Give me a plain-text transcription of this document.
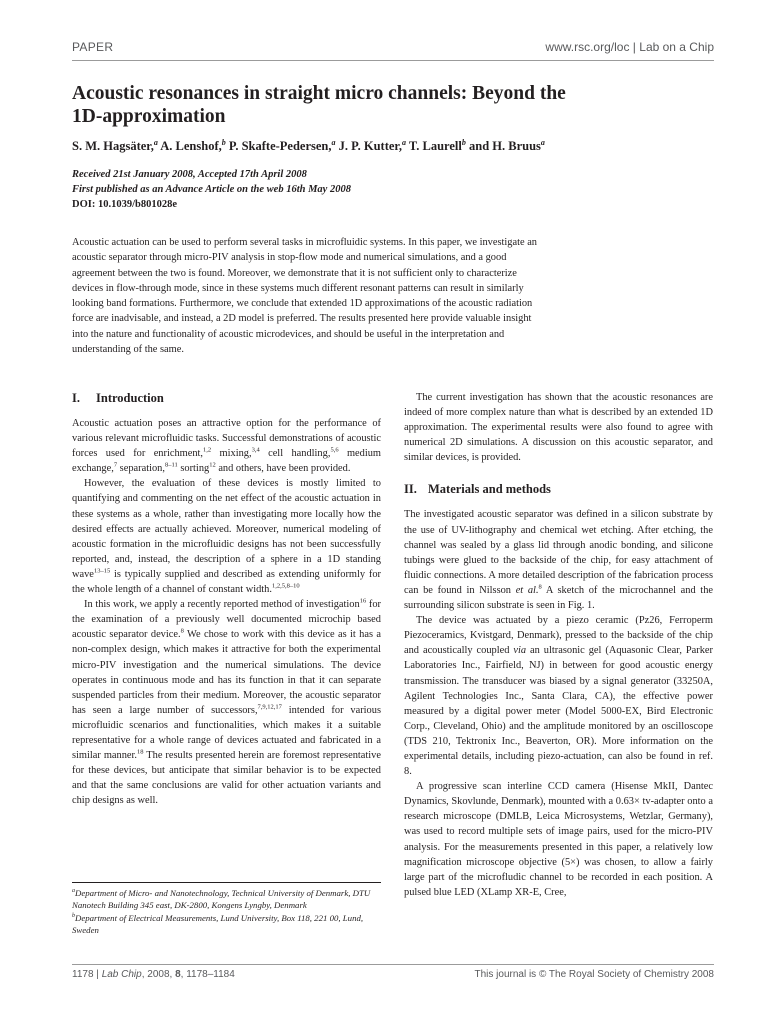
PAPER	www.rsc.org/loc | Lab on a Chip
Acoustic resonances in straight micro channels: Beyond the
1D-approximation

S. M. Hagsäter,$^a$ A. Lenshof,$^b$ P. Skafte-Pedersen,$^a$ J. P. Kutter,$^a$ T. Laurell$^b$ and H. Bruus$^a$

Received 21st January 2008, Accepted 17th April 2008
First published as an Advance Article on the web 16th May 2008
DOI: 10.1039/b801028e

Acoustic actuation can be used to perform several tasks in microfluidic systems. In this paper, we investigate an acoustic separator through micro-PIV analysis in stop-flow mode and numerical simulations, and a good agreement between the two is found. Moreover, we demonstrate that it is not sufficient only to characterize devices in flow-through mode, since in these systems much different resonant patterns can result in similarly looking band formations. Furthermore, we conclude that extended 1D approximations of the acoustic radiation force are inadvisable, and instead, a 2D model is preferred. The results presented here provide valuable insight into the nature and functionality of acoustic microdevices, and should be useful in the interpretation and understanding of the same.

I. Introduction

Acoustic actuation poses an attractive option for the performance of various relevant microfluidic tasks. Successful demonstrations of acoustic forces used for enrichment,$^{1,2}$ mixing,$^{3,4}$ cell handling,$^{5,6}$ medium exchange,$^7$ separation,$^{8-11}$ sorting$^{12}$ and others, have been provided.

However, the evaluation of these devices is mostly limited to quantifying and commenting on the net effect of the acoustic actuation in these systems as a whole, rather than investigating more locally how the desired effects are actually achieved. Moreover, numerical modeling of acoustic formation in the microfluidic designs has not been successfully reported, and, instead, the description of a sphere in a 1D standing wave$^{13-15}$ is typically supplied and described as extending uniformly for the whole length of a channel of constant width.$^{1,2,5,8-10}$

In this work, we apply a recently reported method of investigation$^{16}$ for the examination of a previously well documented microchip based acoustic separator device.$^8$ We chose to work with this device as it has a non-complex design, which makes it attractive for both the experimental micro-PIV investigation and the numerical simulations. The device operates in continuous mode and has its function in that it can separate suspended particles from their medium. Moreover, the acoustic separator has seen a large number of successors,$^{7,9,12,17}$ intended for various microfluidic scenarios and functionalities, which makes it a suitable representative for a whole range of devices actuated and fabricated in a similar manner.$^{18}$ The results presented herein are foremost representative for these devices, but anticipate that similar behavior is to be expected and that the same conclusions are valid for other actuation variants and chip designs as well.

The current investigation has shown that the acoustic resonances are indeed of more complex nature than what is described by an extended 1D approximation. The experimental results were also found to agree with numerical 2D simulations. A discussion on this acoustic separator, and similar devices, is provided.

II. Materials and methods

The investigated acoustic separator was defined in a silicon substrate by the use of UV-lithography and chemical wet etching. After etching, the channel was sealed by a glass lid through anodic bonding, and silicone tubings were glued to the backside of the chip, for easy attachment of fluidic connections. A more detailed description of the fabrication process can be found in Nilsson et al.$^8$ A sketch of the microchannel and the surrounding silicon substrate is seen in Fig. 1.

The device was actuated by a piezo ceramic (Pz26, Ferroperm Piezoceramics, Kvistgard, Denmark), pressed to the backside of the chip and acoustically coupled via an ultrasonic gel (Aquasonic Clear, Parker Laboratories Inc., Fairfield, NJ) in between for good acoustic energy transmission. The transducer was biased by a signal generator (33250A, Agilent Technologies Inc., Santa Clara, CA), the effective power measured by a digital power meter (Model 5000-EX, Bird Electronic Corp., Cleveland, Ohio) and the amplitude monitored by an oscilloscope (TDS 210, Tektronix Inc., Beaverton, OR). More information on the experimental details, including piezo-actuation, can also be found in ref. 8.

A progressive scan interline CCD camera (Hisense MkII, Dantec Dynamics, Skovlunde, Denmark), mounted with a 0.63× tv-adapter onto a research microscope (DMLB, Leica Microsystems, Wetzlar, Germany), was used to record multiple sets of image pairs, used for the micro-PIV analysis. For the measurements presented in this paper, a relatively low magnification microscope objective (5×) was chosen, to allow a fairly large part of the microfludic channel to be recorded in each position. A pulsed blue LED (XLamp XR-E, Cree,

$^a$Department of Micro- and Nanotechnology, Technical University of Denmark, DTU Nanotech Building 345 east, DK-2800, Kongens Lyngby, Denmark

$^b$Department of Electrical Measurements, Lund University, Box 118, 221 00, Lund, Sweden

1178 | Lab Chip, 2008, 8, 1178–1184	This journal is © The Royal Society of Chemistry 2008
